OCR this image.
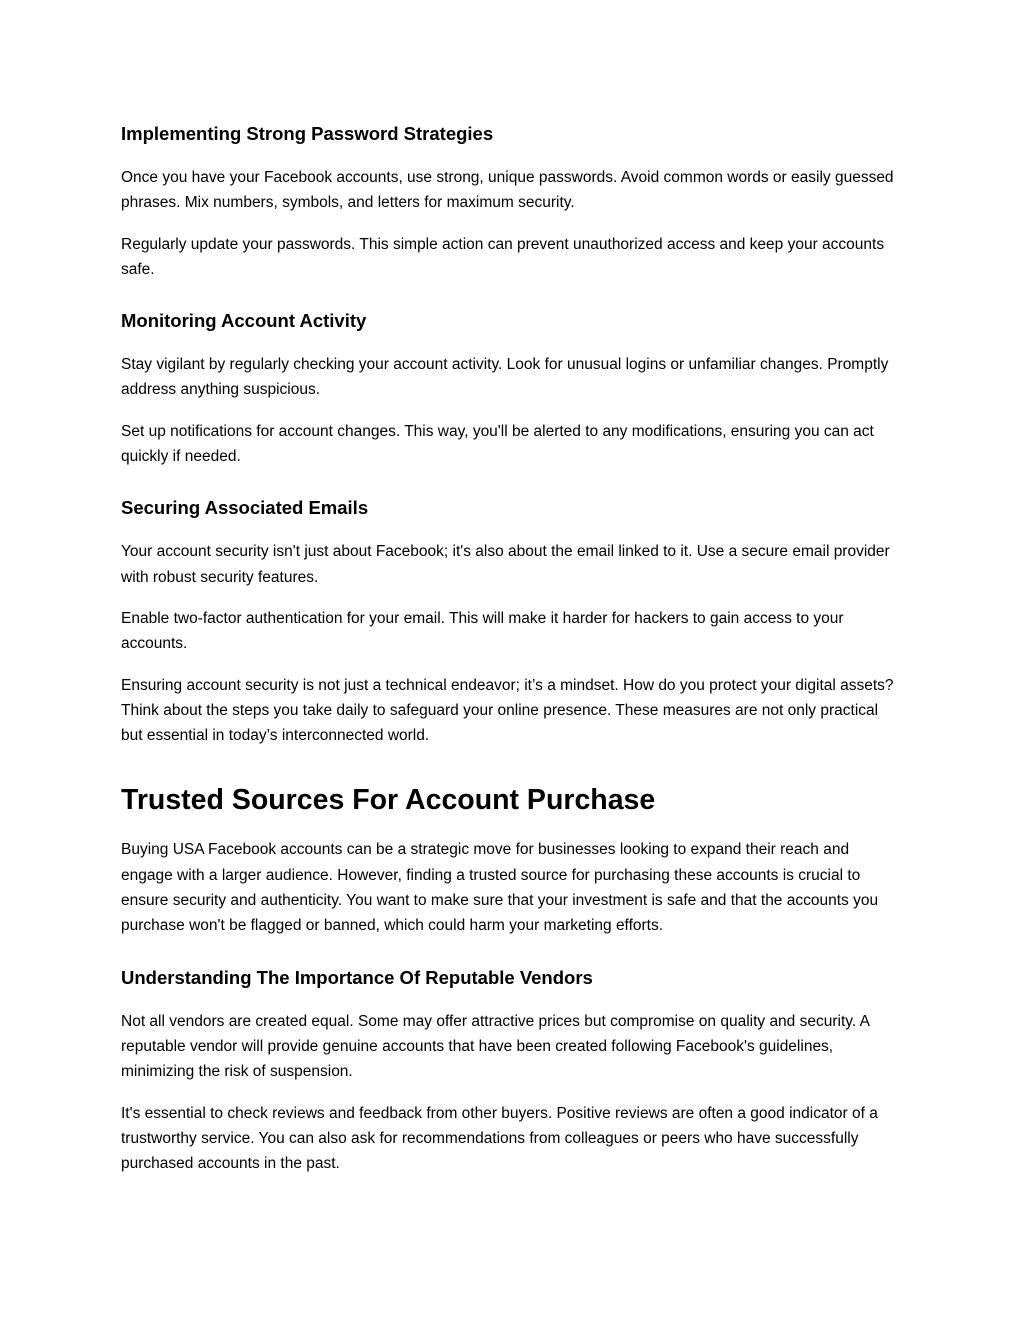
Implementing Strong Password Strategies

Once you have your Facebook accounts, use strong, unique passwords. Avoid common words or easily guessed phrases. Mix numbers, symbols, and letters for maximum security.

Regularly update your passwords. This simple action can prevent unauthorized access and keep your accounts safe.

Monitoring Account Activity

Stay vigilant by regularly checking your account activity. Look for unusual logins or unfamiliar changes. Promptly address anything suspicious.

Set up notifications for account changes. This way, you'll be alerted to any modifications, ensuring you can act quickly if needed.

Securing Associated Emails

Your account security isn't just about Facebook; it's also about the email linked to it. Use a secure email provider with robust security features.

Enable two-factor authentication for your email. This will make it harder for hackers to gain access to your accounts.

Ensuring account security is not just a technical endeavor; it’s a mindset. How do you protect your digital assets? Think about the steps you take daily to safeguard your online presence. These measures are not only practical but essential in today’s interconnected world.

Trusted Sources For Account Purchase

Buying USA Facebook accounts can be a strategic move for businesses looking to expand their reach and engage with a larger audience. However, finding a trusted source for purchasing these accounts is crucial to ensure security and authenticity. You want to make sure that your investment is safe and that the accounts you purchase won't be flagged or banned, which could harm your marketing efforts.

Understanding The Importance Of Reputable Vendors

Not all vendors are created equal. Some may offer attractive prices but compromise on quality and security. A reputable vendor will provide genuine accounts that have been created following Facebook's guidelines, minimizing the risk of suspension.

It's essential to check reviews and feedback from other buyers. Positive reviews are often a good indicator of a trustworthy service. You can also ask for recommendations from colleagues or peers who have successfully purchased accounts in the past.
